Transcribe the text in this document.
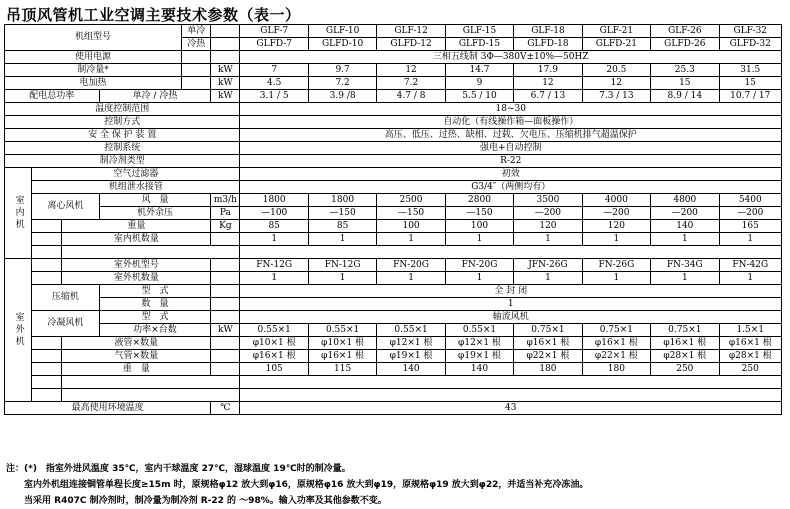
吊顶风管机工业空调主要技术参数（表一）
机组型号				单冷		GLF-7	GLF-10	GLF-12	GLF-15	GLF-18	GLF-21	GLF-26	GLF-32
				冷热		GLFD-7	GLFD-10	GLFD-12	GLFD-15	GLFD-18	GLFD-21	GLFD-26	GLFD-32
使用电源						三相五线制 3Φ—380V±10%—50HZ							
制冷量*					kW	7	9.7	12	14.7	17.9	20.5	25.3	31.5
电加热					kW	4.5	7.2	7.2	9	12	12	15	15
配电总功率			单冷 / 冷热		kW	3.1 / 5	3.9 /8	4.7 / 8	5.5 / 10	6.7 / 13	7.3 / 13	8.9 / 14	10.7 / 17
温度控制范围						18~30							
控制方式						自动化（有线操作箱—面板操作）							
安 全 保 护 装 置						高压、低压、过热、缺相、过载、欠电压、压缩机排气超温保护							
控制系统						强电+自动控制							
制冷剂类型						R-22							
室内机	空气过滤器					初效							
	机组泄水接管					G3/4″（两侧均有）							
	离心风机		风　量		m3/h	1800	1800	2500	2800	3500	4000	4800	5400
			机外余压		Pa	—100	—150	—150	—150	—200	—200	—200	—200
		重量			Kg	85	85	100	100	120	120	140	165
		室内机数量				1	1	1	1	1	1	1	1

室外机		室外机型号				FN-12G	FN-12G	FN-20G	FN-20G	JFN-26G	FN-26G	FN-34G	FN-42G
		室外机数量				1	1	1	1	1	1	1	1
	压缩机		型　式			全 封 闭							
			数　量			1							
	冷凝风机		型　式			轴流风机							
			功率×台数		kW	0.55×1	0.55×1	0.55×1	0.55×1	0.75×1	0.75×1	0.75×1	1.5×1
		液管×数量				φ10×1 根	φ10×1 根	φ12×1 根	φ12×1 根	φ16×1 根	φ16×1 根	φ16×1 根	φ16×1 根
		气管×数量				φ16×1 根	φ16×1 根	φ19×1 根	φ19×1 根	φ22×1 根	φ22×1 根	φ28×1 根	φ28×1 根
		重　量				105	115	140	140	180	180	250	250

最高使用环境温度					℃	43							
注：(*)　指室外进风温度 35℃，室内干球温度 27℃，湿球温度 19℃时的制冷量。
　　室内外机组连接铜管单程长度≥15m 时，原规格φ12 放大到φ16，原规格φ16 放大到φ19，原规格φ19 放大到φ22，并适当补充冷冻油。
　　当采用 R407C 制冷剂时，制冷量为制冷剂 R-22 的 ～98%。输入功率及其他参数不变。
